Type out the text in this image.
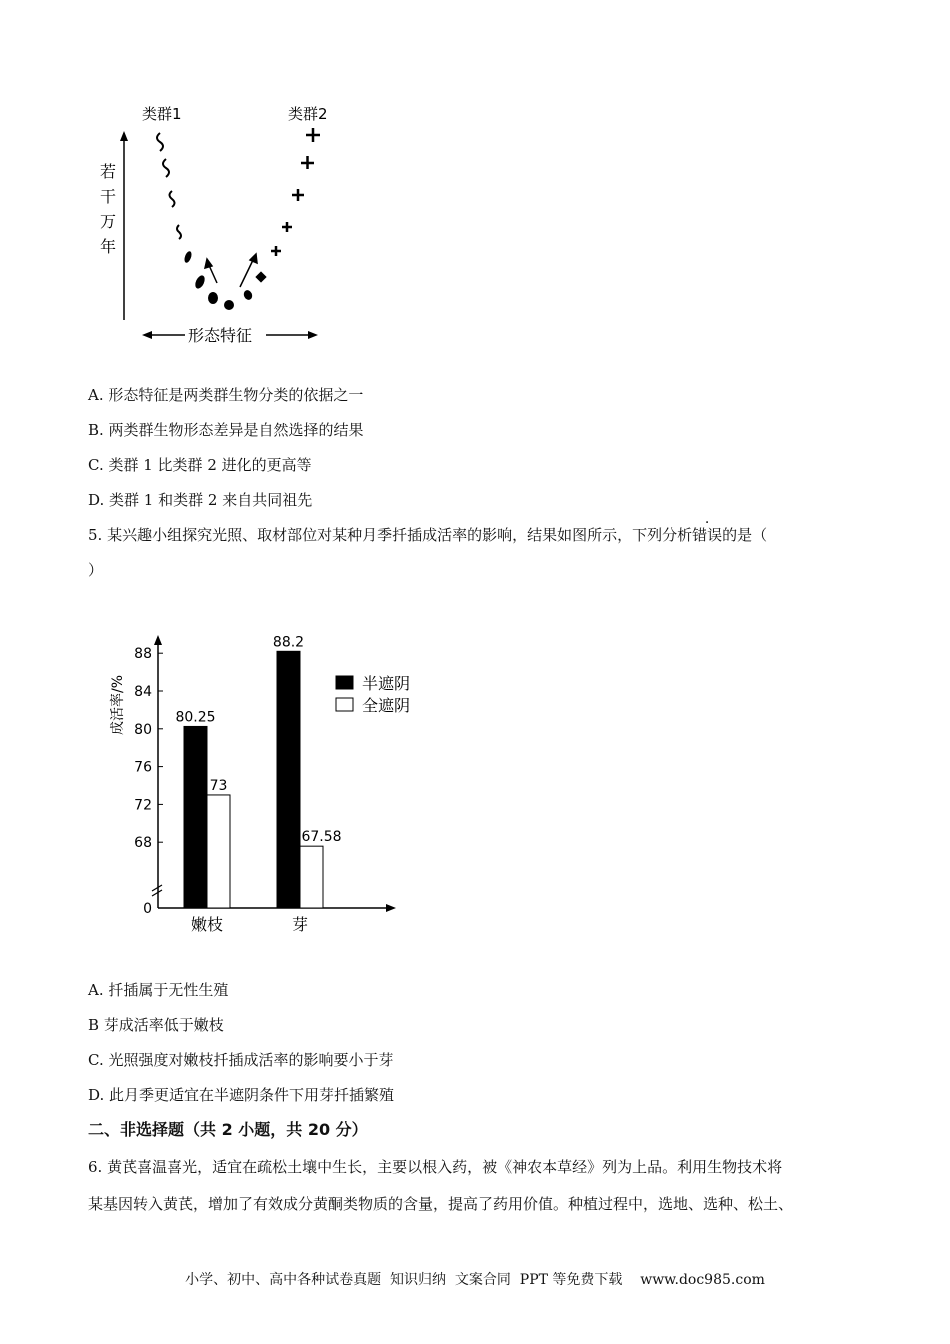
类群1	类群2
若
干
万
年
形态特征
A. 形态特征是两类群生物分类的依据之一
B. 两类群生物形态差异是自然选择的结果
C. 类群 1 比类群 2 进化的更高等
D. 类群 1 和类群 2 来自共同祖先
5. 某兴趣小组探究光照、取材部位对某种月季扦插成活率的影响，结果如图所示，下列分析错误的是（
）
0
68
72
76
80
84
88
成活率/%	80.25
88.2
73
67.58
嫩枝	芽
半遮阴
全遮阴
A. 扦插属于无性生殖
B 芽成活率低于嫩枝
C. 光照强度对嫩枝扦插成活率的影响要小于芽
D. 此月季更适宜在半遮阴条件下用芽扦插繁殖
二、非选择题（共 2 小题，共 20 分）
6. 黄芪喜温喜光，适宜在疏松土壤中生长，主要以根入药，被《神农本草经》列为上品。利用生物技术将
某基因转入黄芪，增加了有效成分黄酮类物质的含量，提高了药用价值。种植过程中，选地、选种、松土、
小学、初中、高中各种试卷真题  知识归纳  文案合同  PPT 等免费下载    www.doc985.com
